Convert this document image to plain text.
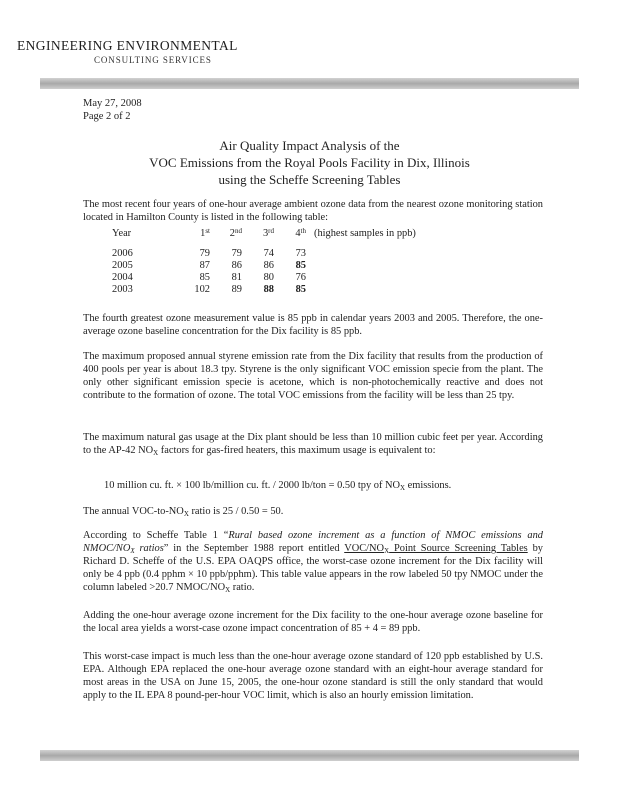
ENGINEERING ENVIRONMENTAL
CONSULTING SERVICES
May 27, 2008
Page 2 of 2
Air Quality Impact Analysis of the
VOC Emissions from the Royal Pools Facility in Dix, Illinois
using the Scheffe Screening Tables
The most recent four years of one-hour average ambient ozone data from the nearest ozone monitoring station located in Hamilton County is listed in the following table:
Year	1st	2nd	3rd	4th	(highest samples in ppb)

2006	79	79	74	73	
2005	87	86	86	85	
2004	85	81	80	76	
2003	102	89	88	85	
The fourth greatest ozone measurement value is 85 ppb in calendar years 2003 and 2005. Therefore, the one-average ozone baseline concentration for the Dix facility is 85 ppb.
The maximum proposed annual styrene emission rate from the Dix facility that results from the production of 400 pools per year is about 18.3 tpy. Styrene is the only significant VOC emission specie from the plant. The only other significant emission specie is acetone, which is non-photochemically reactive and does not contribute to the formation of ozone. The total VOC emissions from the facility will be less than 25 tpy.
The maximum natural gas usage at the Dix plant should be less than 10 million cubic feet per year. According to the AP-42 $NO_X$ factors for gas-fired heaters, this maximum usage is equivalent to:
10 million cu. ft. × 100 lb/million cu. ft. / 2000 lb/ton = 0.50 tpy of $NO_X$ emissions.
The annual VOC-$to-NO_X$ ratio is 25 / 0.50 = 50.
According to Scheffe Table 1 “Rural based ozone increment as a function of NMOC emissions and NMOC/$NO_X$ ratios” in the September 1988 report entitled VOC/$NO_X$ Point Source Screening Tables by Richard D. Scheffe of the U.S. EPA OAQPS office, the worst-case ozone increment for the Dix facility will only be 4 ppb (0.4 pphm × 10 ppb/pphm). This table value appears in the row labeled 50 tpy NMOC under the column labeled >20.7 NMOC/$NO_X$ ratio.
Adding the one-hour average ozone increment for the Dix facility to the one-hour average ozone baseline for the local area yields a worst-case ozone impact concentration of 85 + 4 = 89 ppb.
This worst-case impact is much less than the one-hour average ozone standard of 120 ppb established by U.S. EPA. Although EPA replaced the one-hour average ozone standard with an eight-hour average standard for most areas in the USA on June 15, 2005, the one-hour ozone standard is still the only standard that would apply to the IL EPA 8 pound-per-hour VOC limit, which is also an hourly emission limitation.
